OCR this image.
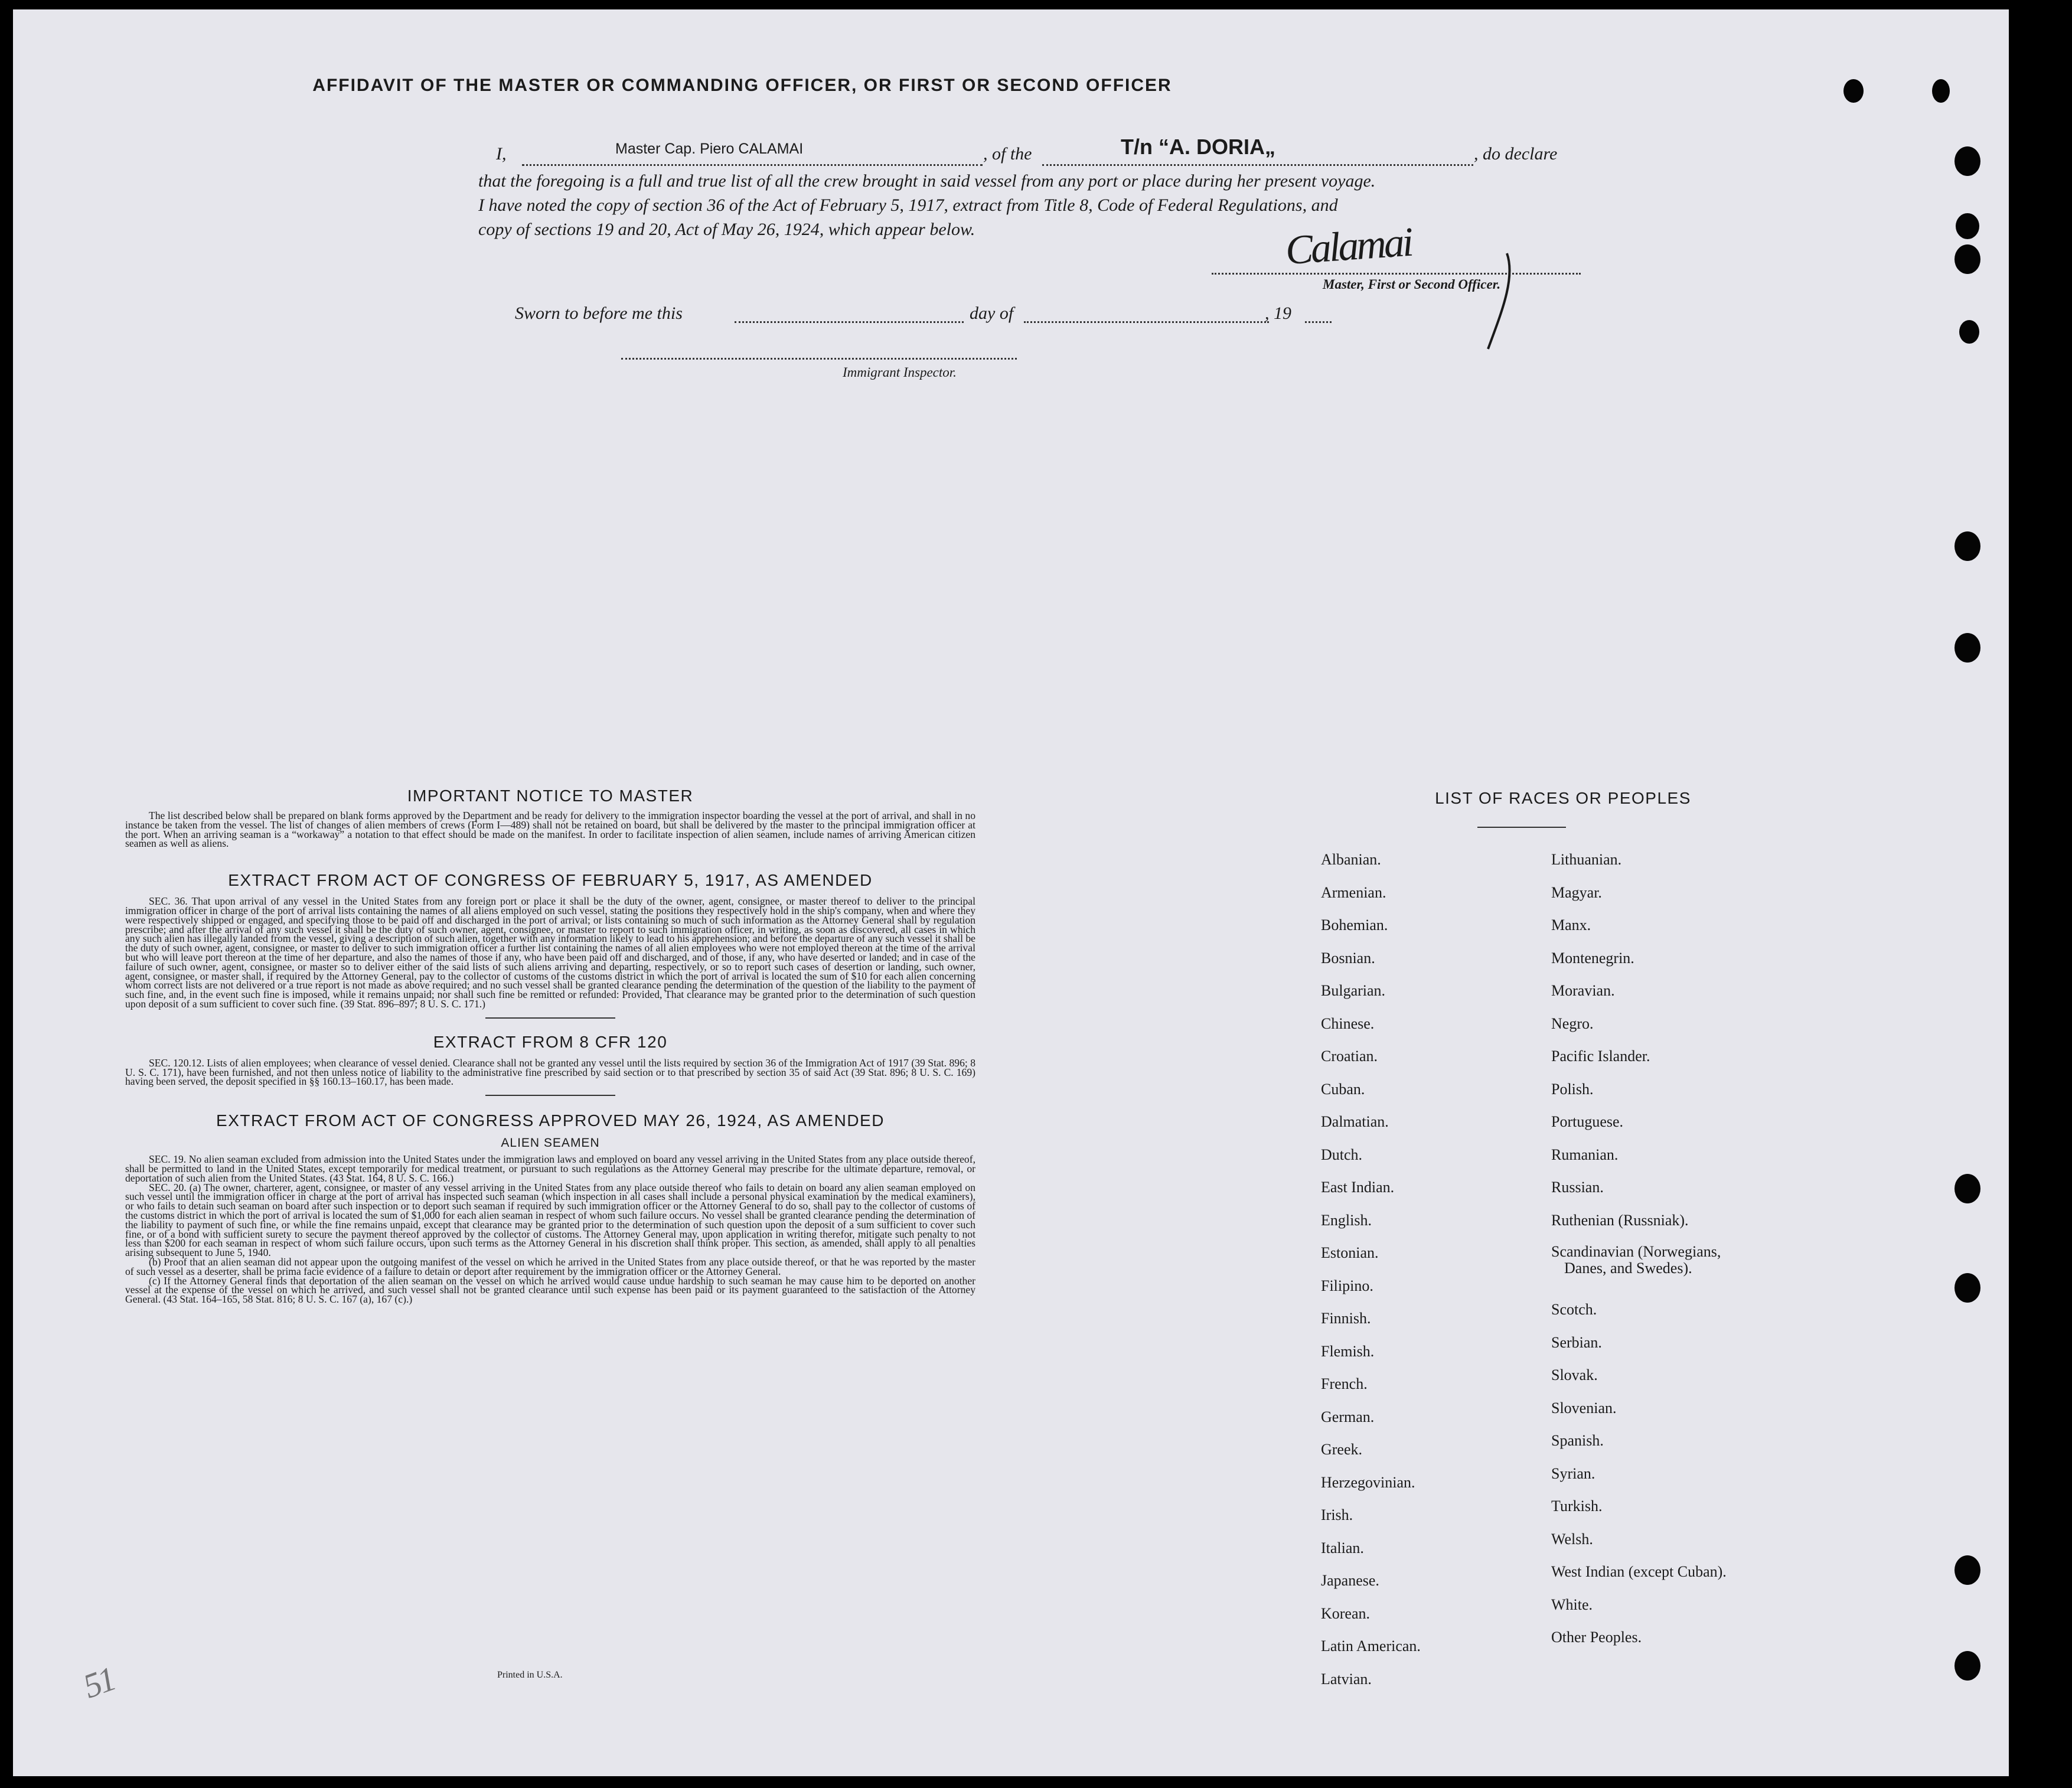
AFFIDAVIT OF THE MASTER OR COMMANDING OFFICER, OR FIRST OR SECOND OFFICER
I,	Master Cap. Piero CALAMAI	, of the	T/n “A. DORIA„	, do declare
that the foregoing is a full and true list of all the crew brought in said vessel from any port or place during her present voyage.
I have noted the copy of section 36 of the Act of February 5, 1917, extract from Title 8, Code of Federal Regulations, and
copy of sections 19 and 20, Act of May 26, 1924, which appear below.	Calamai
Master, First or Second Officer.
Sworn to before me this	day of	, 19
Immigrant Inspector.
IMPORTANT NOTICE TO MASTER

The list described below shall be prepared on blank forms approved by the Department and be ready for delivery to the immigration inspector boarding the vessel at the port of arrival, and shall in no instance be taken from the vessel. The list of changes of alien members of crews (Form I—489) shall not be retained on board, but shall be delivered by the master to the principal immigration officer at the port. When an arriving seaman is a “workaway” a notation to that effect should be made on the manifest. In order to facilitate inspection of alien seamen, include names of arriving American citizen seamen as well as aliens.

EXTRACT FROM ACT OF CONGRESS OF FEBRUARY 5, 1917, AS AMENDED

SEC. 36. That upon arrival of any vessel in the United States from any foreign port or place it shall be the duty of the owner, agent, consignee, or master thereof to deliver to the principal immigration officer in charge of the port of arrival lists containing the names of all aliens employed on such vessel, stating the positions they respectively hold in the ship's company, when and where they were respectively shipped or engaged, and specifying those to be paid off and discharged in the port of arrival; or lists containing so much of such information as the Attorney General shall by regulation prescribe; and after the arrival of any such vessel it shall be the duty of such owner, agent, consignee, or master to report to such immigration officer, in writing, as soon as discovered, all cases in which any such alien has illegally landed from the vessel, giving a description of such alien, together with any information likely to lead to his apprehension; and before the departure of any such vessel it shall be the duty of such owner, agent, consignee, or master to deliver to such immigration officer a further list containing the names of all alien employees who were not employed thereon at the time of the arrival but who will leave port thereon at the time of her departure, and also the names of those if any, who have been paid off and discharged, and of those, if any, who have deserted or landed; and in case of the failure of such owner, agent, consignee, or master so to deliver either of the said lists of such aliens arriving and departing, respectively, or so to report such cases of desertion or landing, such owner, agent, consignee, or master shall, if required by the Attorney General, pay to the collector of customs of the customs district in which the port of arrival is located the sum of $10 for each alien concerning whom correct lists are not delivered or a true report is not made as above required; and no such vessel shall be granted clearance pending the determination of the question of the liability to the payment of such fine, and, in the event such fine is imposed, while it remains unpaid; nor shall such fine be remitted or refunded: Provided, That clearance may be granted prior to the determination of such question upon deposit of a sum sufficient to cover such fine. (39 Stat. 896–897; 8 U. S. C. 171.)

EXTRACT FROM 8 CFR 120

SEC. 120.12. Lists of alien employees; when clearance of vessel denied. Clearance shall not be granted any vessel until the lists required by section 36 of the Immigration Act of 1917 (39 Stat. 896; 8 U. S. C. 171), have been furnished, and not then unless notice of liability to the administrative fine prescribed by said section or to that prescribed by section 35 of said Act (39 Stat. 896; 8 U. S. C. 169) having been served, the deposit specified in §§ 160.13–160.17, has been made.

EXTRACT FROM ACT OF CONGRESS APPROVED MAY 26, 1924, AS AMENDED
ALIEN SEAMEN

SEC. 19. No alien seaman excluded from admission into the United States under the immigration laws and employed on board any vessel arriving in the United States from any place outside thereof, shall be permitted to land in the United States, except temporarily for medical treatment, or pursuant to such regulations as the Attorney General may prescribe for the ultimate departure, removal, or deportation of such alien from the United States. (43 Stat. 164, 8 U. S. C. 166.)

SEC. 20. (a) The owner, charterer, agent, consignee, or master of any vessel arriving in the United States from any place outside thereof who fails to detain on board any alien seaman employed on such vessel until the immigration officer in charge at the port of arrival has inspected such seaman (which inspection in all cases shall include a personal physical examination by the medical examiners), or who fails to detain such seaman on board after such inspection or to deport such seaman if required by such immigration officer or the Attorney General to do so, shall pay to the collector of customs of the customs district in which the port of arrival is located the sum of $1,000 for each alien seaman in respect of whom such failure occurs. No vessel shall be granted clearance pending the determination of the liability to payment of such fine, or while the fine remains unpaid, except that clearance may be granted prior to the determination of such question upon the deposit of a sum sufficient to cover such fine, or of a bond with sufficient surety to secure the payment thereof approved by the collector of customs. The Attorney General may, upon application in writing therefor, mitigate such penalty to not less than $200 for each seaman in respect of whom such failure occurs, upon such terms as the Attorney General in his discretion shall think proper. This section, as amended, shall apply to all penalties arising subsequent to June 5, 1940.

(b) Proof that an alien seaman did not appear upon the outgoing manifest of the vessel on which he arrived in the United States from any place outside thereof, or that he was reported by the master of such vessel as a deserter, shall be prima facie evidence of a failure to detain or deport after requirement by the immigration officer or the Attorney General.

(c) If the Attorney General finds that deportation of the alien seaman on the vessel on which he arrived would cause undue hardship to such seaman he may cause him to be deported on another vessel at the expense of the vessel on which he arrived, and such vessel shall not be granted clearance until such expense has been paid or its payment guaranteed to the satisfaction of the Attorney General. (43 Stat. 164–165, 58 Stat. 816; 8 U. S. C. 167 (a), 167 (c).)

Printed in U.S.A.
51
LIST OF RACES OR PEOPLES
Albanian.
Armenian.
Bohemian.
Bosnian.
Bulgarian.
Chinese.
Croatian.
Cuban.
Dalmatian.
Dutch.
East Indian.
English.
Estonian.
Filipino.
Finnish.
Flemish.
French.
German.
Greek.
Herzegovinian.
Irish.
Italian.
Japanese.
Korean.
Latin American.
Latvian.
Lithuanian.
Magyar.
Manx.
Montenegrin.
Moravian.
Negro.
Pacific Islander.
Polish.
Portuguese.
Rumanian.
Russian.
Ruthenian (Russniak).
Scandinavian (Norwegians,
Danes, and Swedes).
Scotch.
Serbian.
Slovak.
Slovenian.
Spanish.
Syrian.
Turkish.
Welsh.
West Indian (except Cuban).
White.
Other Peoples.
